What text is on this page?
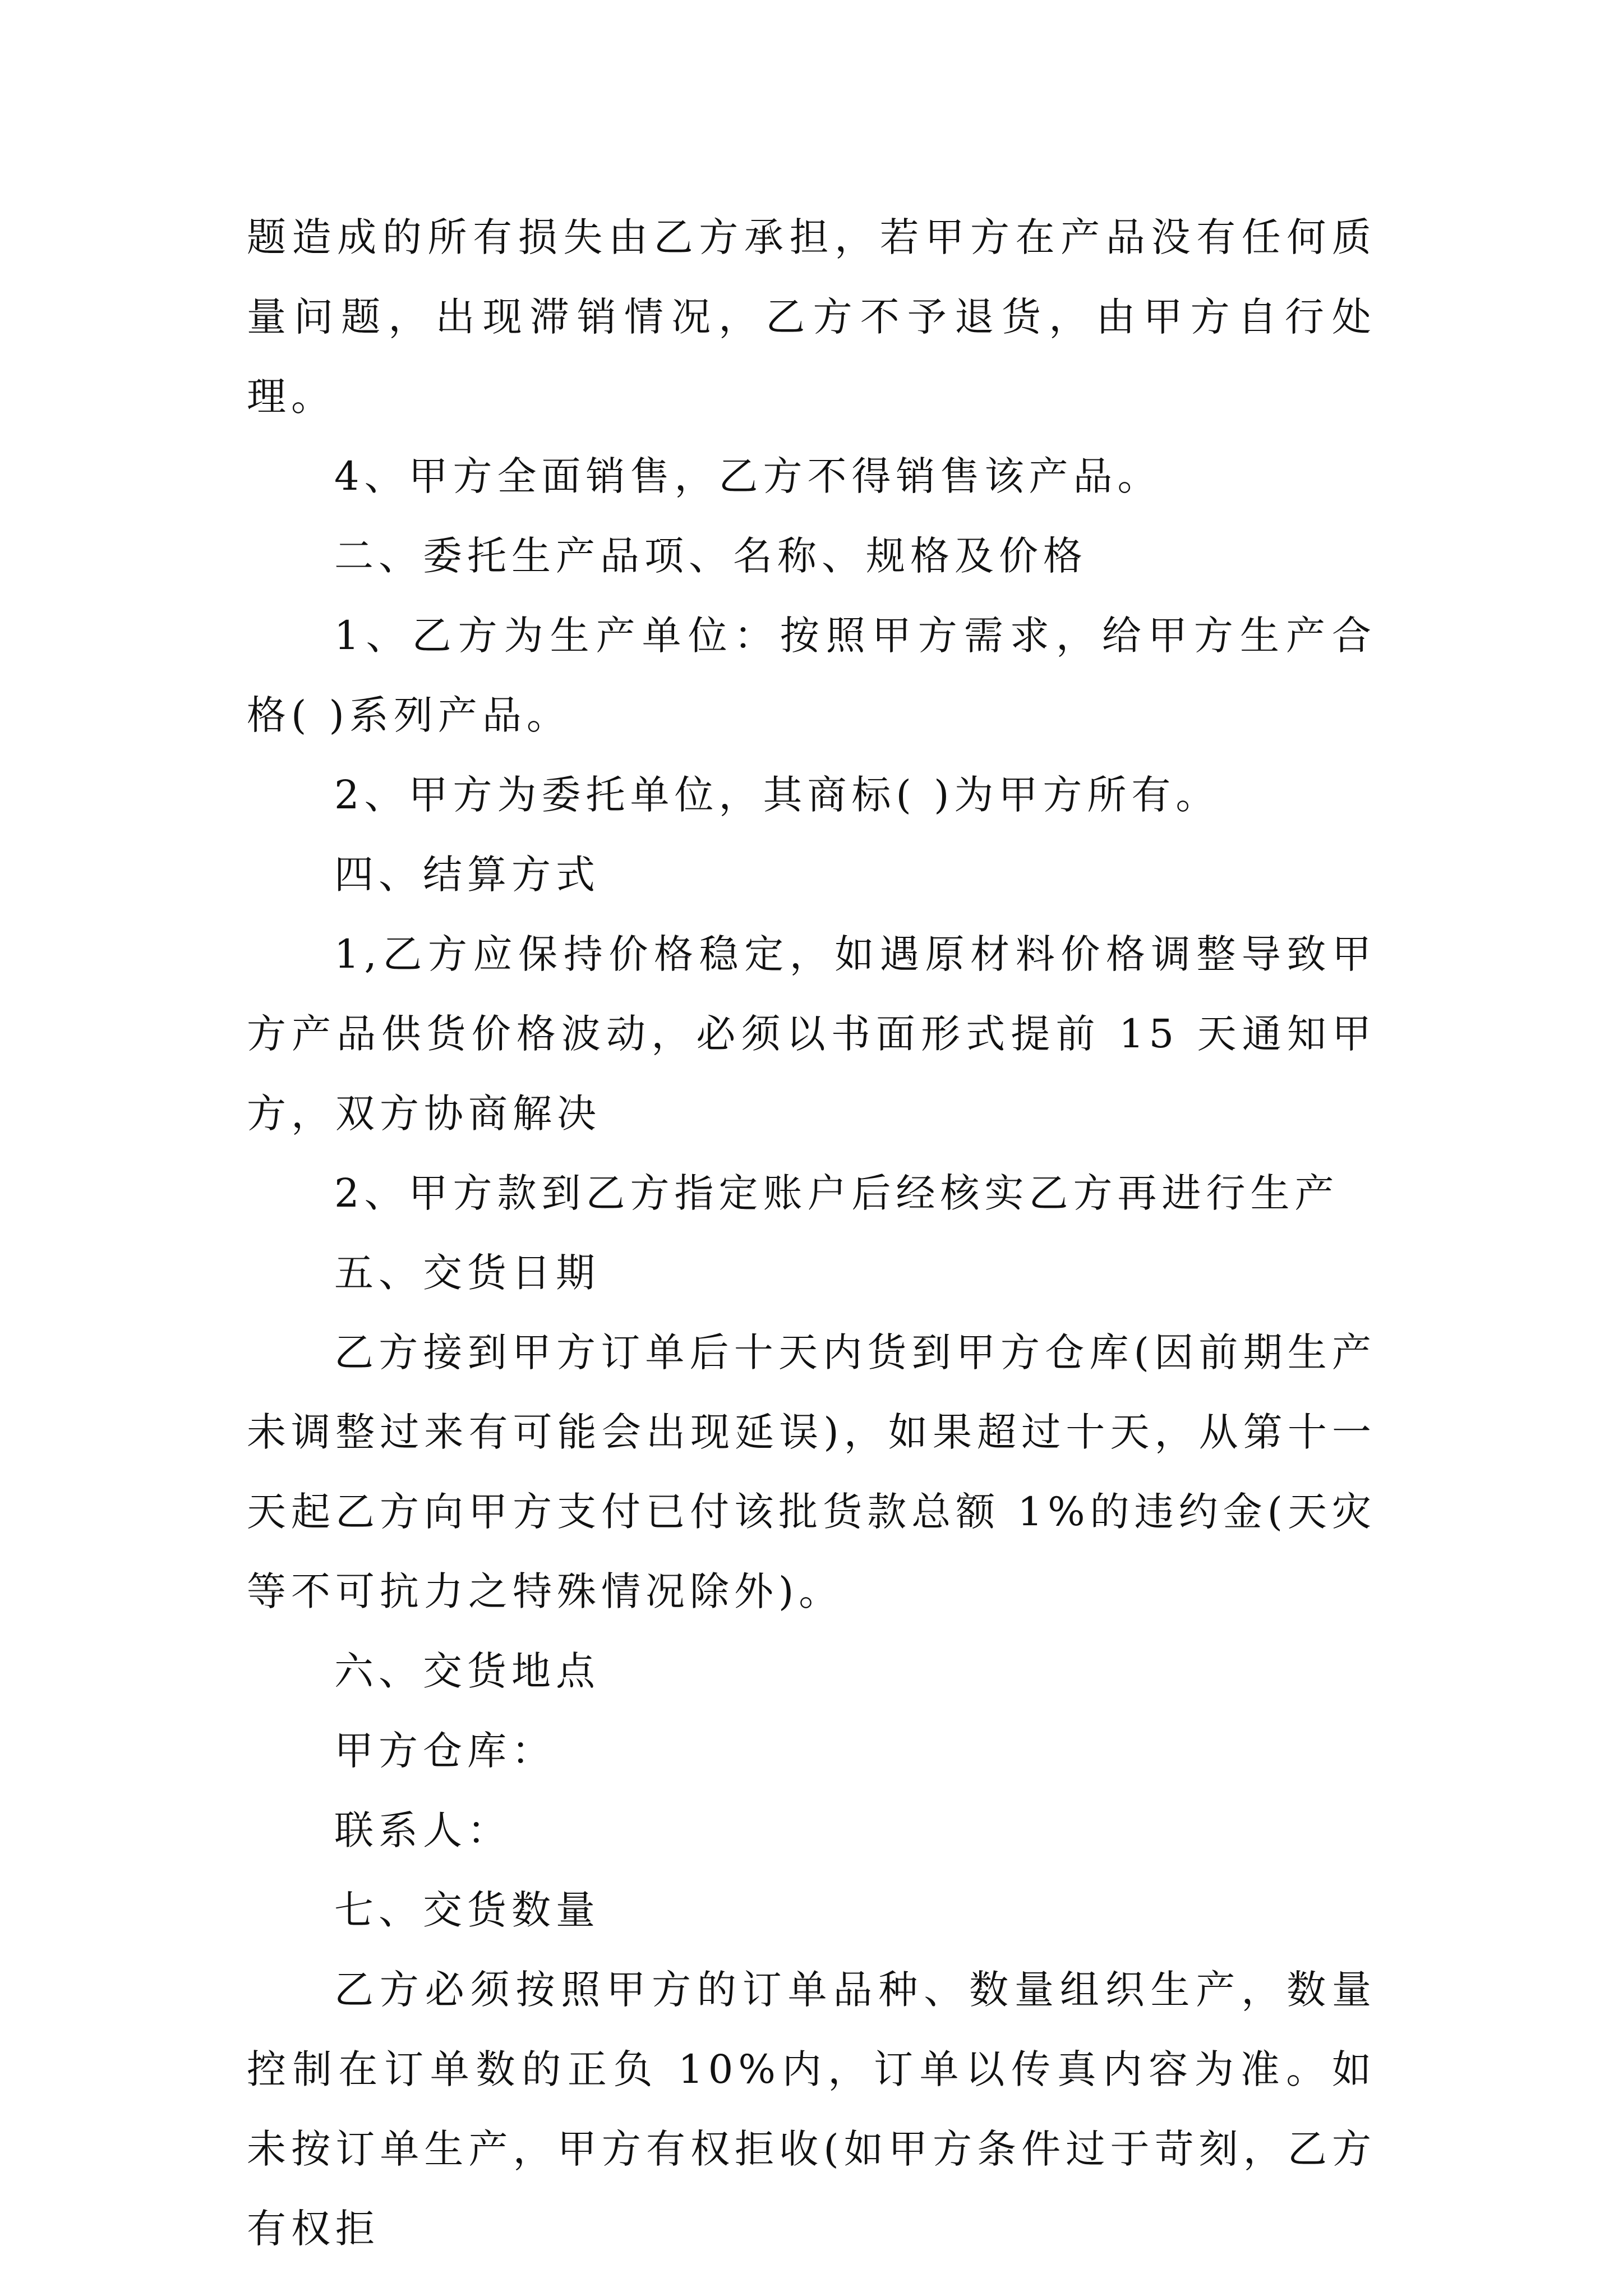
题造成的所有损失由乙方承担，若甲方在产品没有任何质量问题，出现滞销情况，乙方不予退货，由甲方自行处理。

4、甲方全面销售，乙方不得销售该产品。

二、委托生产品项、名称、规格及价格

1、乙方为生产单位：按照甲方需求，给甲方生产合格( )系列产品。

2、甲方为委托单位，其商标( )为甲方所有。

四、结算方式

1,乙方应保持价格稳定，如遇原材料价格调整导致甲方产品供货价格波动，必须以书面形式提前 15 天通知甲方，双方协商解决

2、甲方款到乙方指定账户后经核实乙方再进行生产

五、交货日期

乙方接到甲方订单后十天内货到甲方仓库(因前期生产未调整过来有可能会出现延误)，如果超过十天，从第十一天起乙方向甲方支付已付该批货款总额 1%的违约金(天灾等不可抗力之特殊情况除外)。

六、交货地点

甲方仓库：

联系人：

七、交货数量

乙方必须按照甲方的订单品种、数量组织生产，数量控制在订单数的正负 10%内，订单以传真内容为准。如未按订单生产，甲方有权拒收(如甲方条件过于苛刻，乙方有权拒
